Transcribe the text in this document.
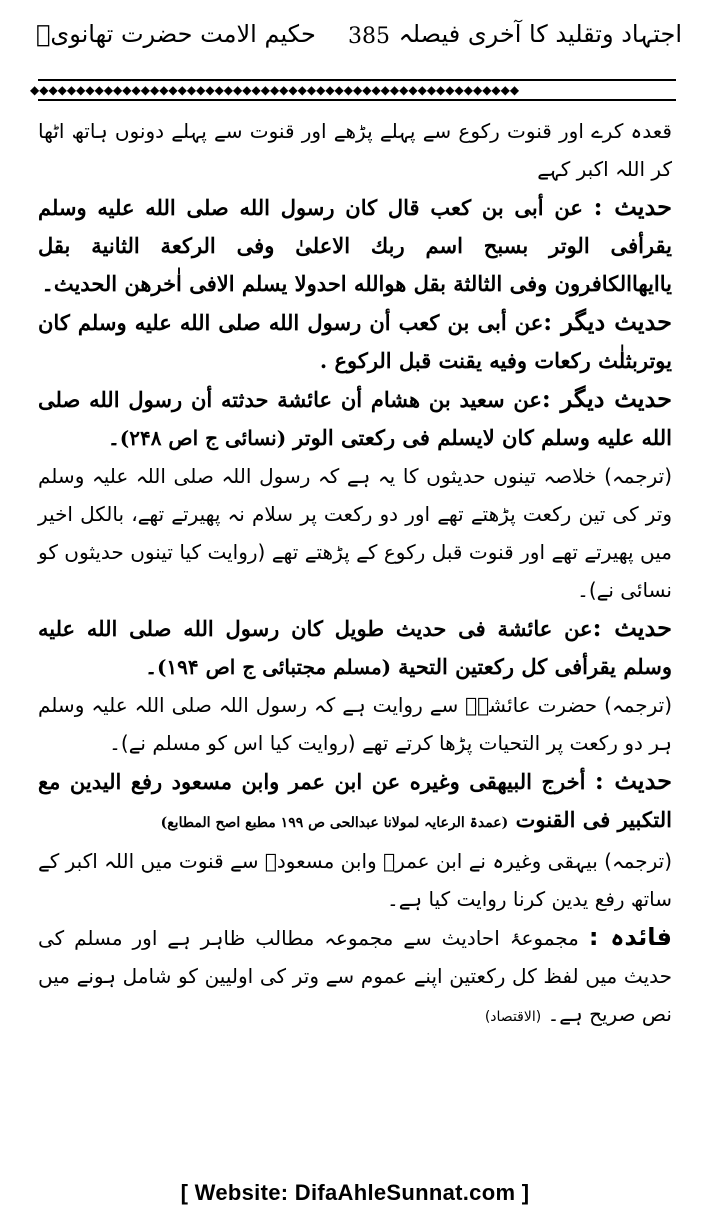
اجتہاد وتقلید کا آخری فیصلہ
385
حکیم الامت حضرت تھانویؒ
◆◆◆◆◆◆◆◆◆◆◆◆◆◆◆◆◆◆◆◆◆◆◆◆◆◆◆◆◆◆◆◆◆◆◆◆◆◆◆◆◆◆◆◆◆◆◆◆◆◆◆◆◆

قعدہ کرے اور قنوت رکوع سے پہلے پڑھے اور قنوت سے پہلے دونوں ہاتھ اٹھا کر اللہ اکبر کہے

حديث : عن أبى بن كعب قال كان رسول الله صلى الله عليه وسلم يقرأفى الوتر بسبح اسم ربك الاعلىٰ وفى الركعة الثانية بقل ياايهاالكافرون وفى الثالثة بقل هوالله احدولا يسلم الافى اٰخرهن الحديث۔

حديث ديگر :عن أبى بن كعب أن رسول الله صلى الله عليه وسلم كان يوتربثلٰث ركعات وفيه يقنت قبل الركوع .

حديث ديگر :عن سعيد بن هشام أن عائشة حدثته أن رسول الله صلى الله عليه وسلم كان لايسلم فى ركعتى الوتر (نسائی ج اص ۲۴۸)۔

(ترجمہ) خلاصہ تینوں حدیثوں کا یہ ہے کہ رسول اللہ صلی اللہ علیہ وسلم وتر کی تین رکعت پڑھتے تھے اور دو رکعت پر سلام نہ پھیرتے تھے، بالکل اخیر میں پھیرتے تھے اور قنوت قبل رکوع کے پڑھتے تھے (روایت کیا تینوں حدیثوں کو نسائی نے)۔

حديث :عن عائشة فى حديث طويل كان رسول الله صلى الله عليه وسلم يقرأفى كل ركعتين التحية (مسلم مجتبائی ج اص ۱۹۴)۔

(ترجمہ) حضرت عائشہؓ سے روایت ہے کہ رسول اللہ صلی اللہ علیہ وسلم ہر دو رکعت پر التحیات پڑھا کرتے تھے (روایت کیا اس کو مسلم نے)۔

حديث : أخرج البيهقى وغيره عن ابن عمر وابن مسعود رفع اليدين مع التكبير فى القنوت (عمدۃ الرعایہ لمولانا عبدالحی ص ۱۹۹ مطبع اصح المطابع)

(ترجمہ) بیہقی وغیرہ نے ابن عمرؓ وابن مسعودؓ سے قنوت میں اللہ اکبر کے ساتھ رفع یدین کرنا روایت کیا ہے۔

فائدہ : مجموعۂ احادیث سے مجموعہ مطالب ظاہر ہے اور مسلم کی حدیث میں لفظ کل رکعتین اپنے عموم سے وتر کی اولیین کو شامل ہونے میں نص صریح ہے۔ (الاقتصاد)

[ Website: DifaAhleSunnat.com ]
